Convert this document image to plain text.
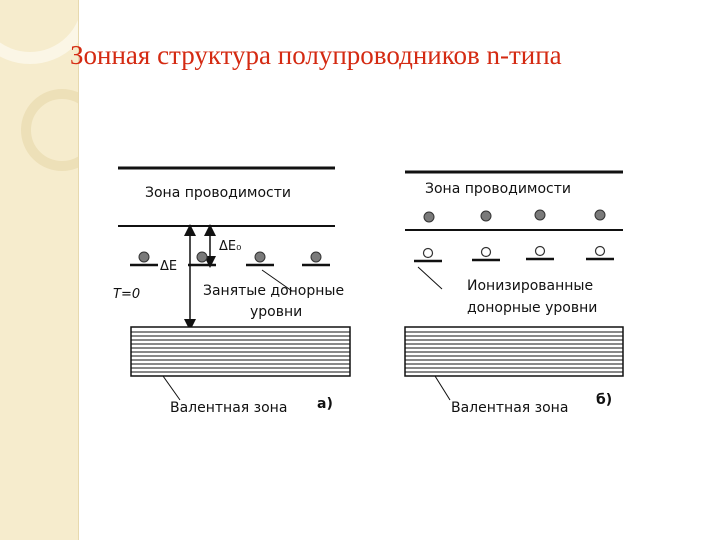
Зонная структура полупроводников n-типа
Зона проводимости
ΔE₀
ΔE
T=0	Занятые донорные
уровни
Валентная зона а)
Зона проводимости
Ионизированные
донорные уровни
Валентная зона б)
